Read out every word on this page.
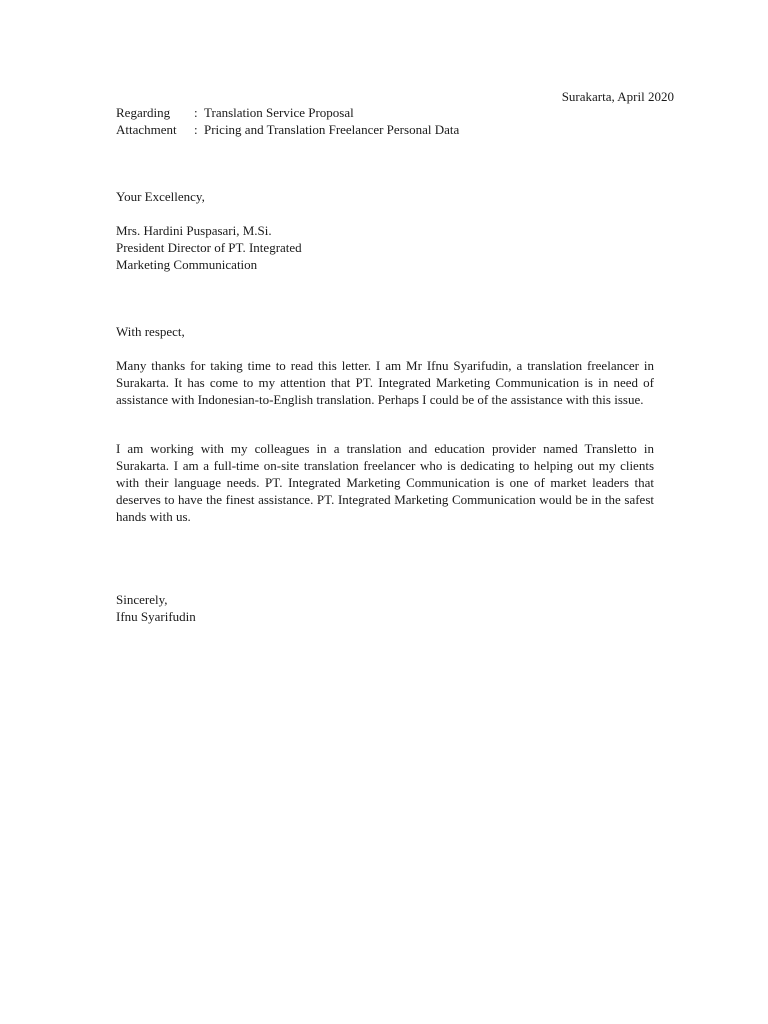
Surakarta, April 2020
Regarding	: Translation Service Proposal
Attachment	: Pricing and Translation Freelancer Personal Data
Your Excellency,
Mrs. Hardini Puspasari, M.Si.
President Director of PT. Integrated
Marketing Communication
With respect,
Many thanks for taking time to read this letter. I am Mr Ifnu Syarifudin, a translation freelancer in Surakarta. It has come to my attention that PT. Integrated Marketing Communication is in need of assistance with Indonesian-to-English translation. Perhaps I could be of the assistance with this issue.
I am working with my colleagues in a translation and education provider named Transletto in Surakarta. I am a full-time on-site translation freelancer who is dedicating to helping out my clients with their language needs. PT. Integrated Marketing Communication is one of market leaders that deserves to have the finest assistance. PT. Integrated Marketing Communication would be in the safest hands with us.
Sincerely,
Ifnu Syarifudin
